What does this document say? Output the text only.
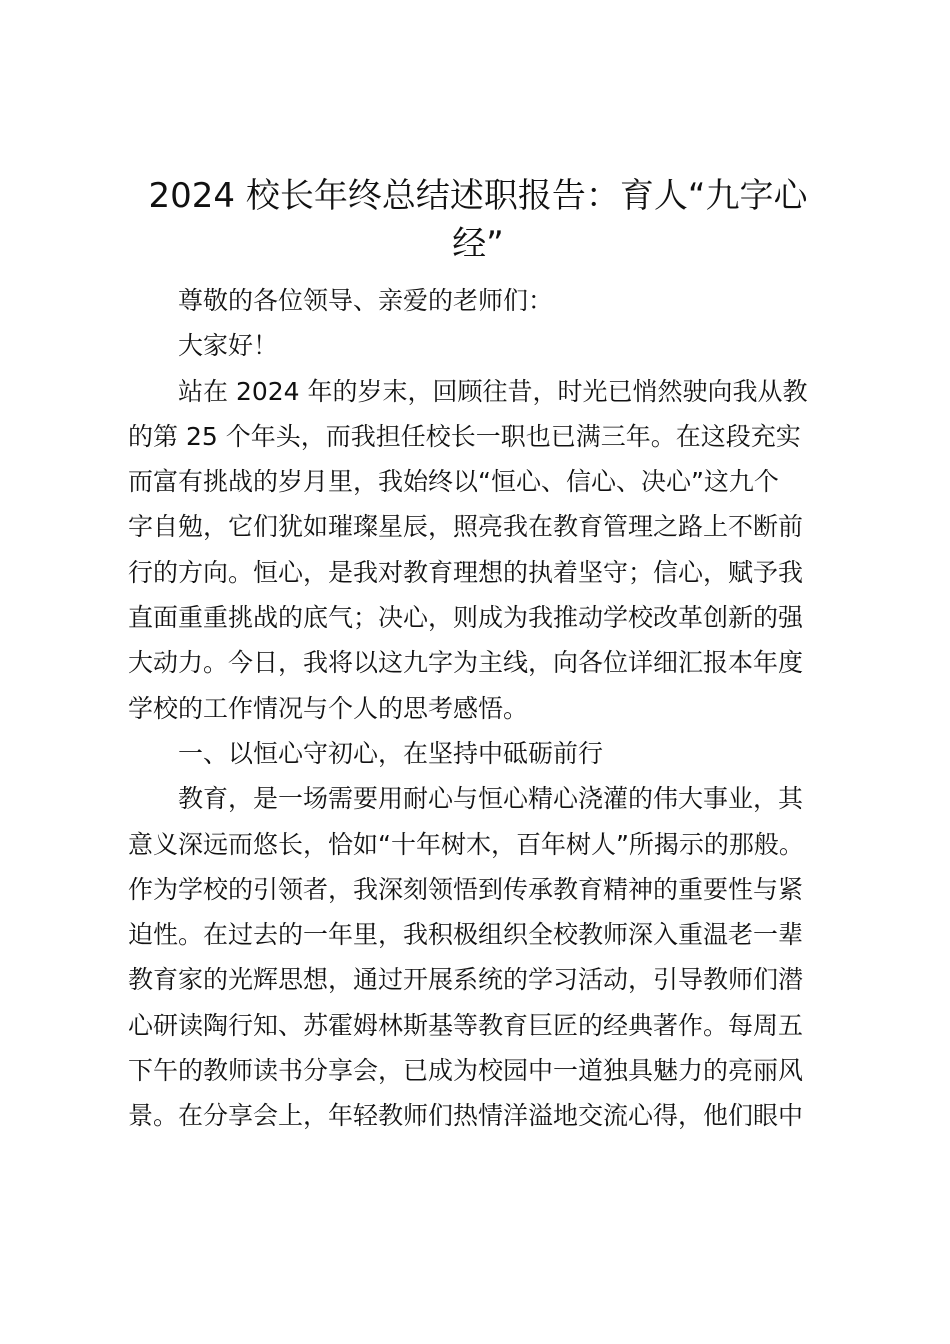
2024 校长年终总结述职报告：育人“九字心经”
尊敬的各位领导、亲爱的老师们：
大家好！
站在 2024 年的岁末，回顾往昔，时光已悄然驶向我从教
的第 25 个年头，而我担任校长一职也已满三年。在这段充实
而富有挑战的岁月里，我始终以“恒心、信心、决心”这九个
字自勉，它们犹如璀璨星辰，照亮我在教育管理之路上不断前
行的方向。恒心，是我对教育理想的执着坚守；信心，赋予我
直面重重挑战的底气；决心，则成为我推动学校改革创新的强
大动力。今日，我将以这九字为主线，向各位详细汇报本年度
学校的工作情况与个人的思考感悟。
一、以恒心守初心，在坚持中砥砺前行
教育，是一场需要用耐心与恒心精心浇灌的伟大事业，其
意义深远而悠长，恰如“十年树木，百年树人”所揭示的那般。
作为学校的引领者，我深刻领悟到传承教育精神的重要性与紧
迫性。在过去的一年里，我积极组织全校教师深入重温老一辈
教育家的光辉思想，通过开展系统的学习活动，引导教师们潜
心研读陶行知、苏霍姆林斯基等教育巨匠的经典著作。每周五
下午的教师读书分享会，已成为校园中一道独具魅力的亮丽风
景。在分享会上，年轻教师们热情洋溢地交流心得，他们眼中
